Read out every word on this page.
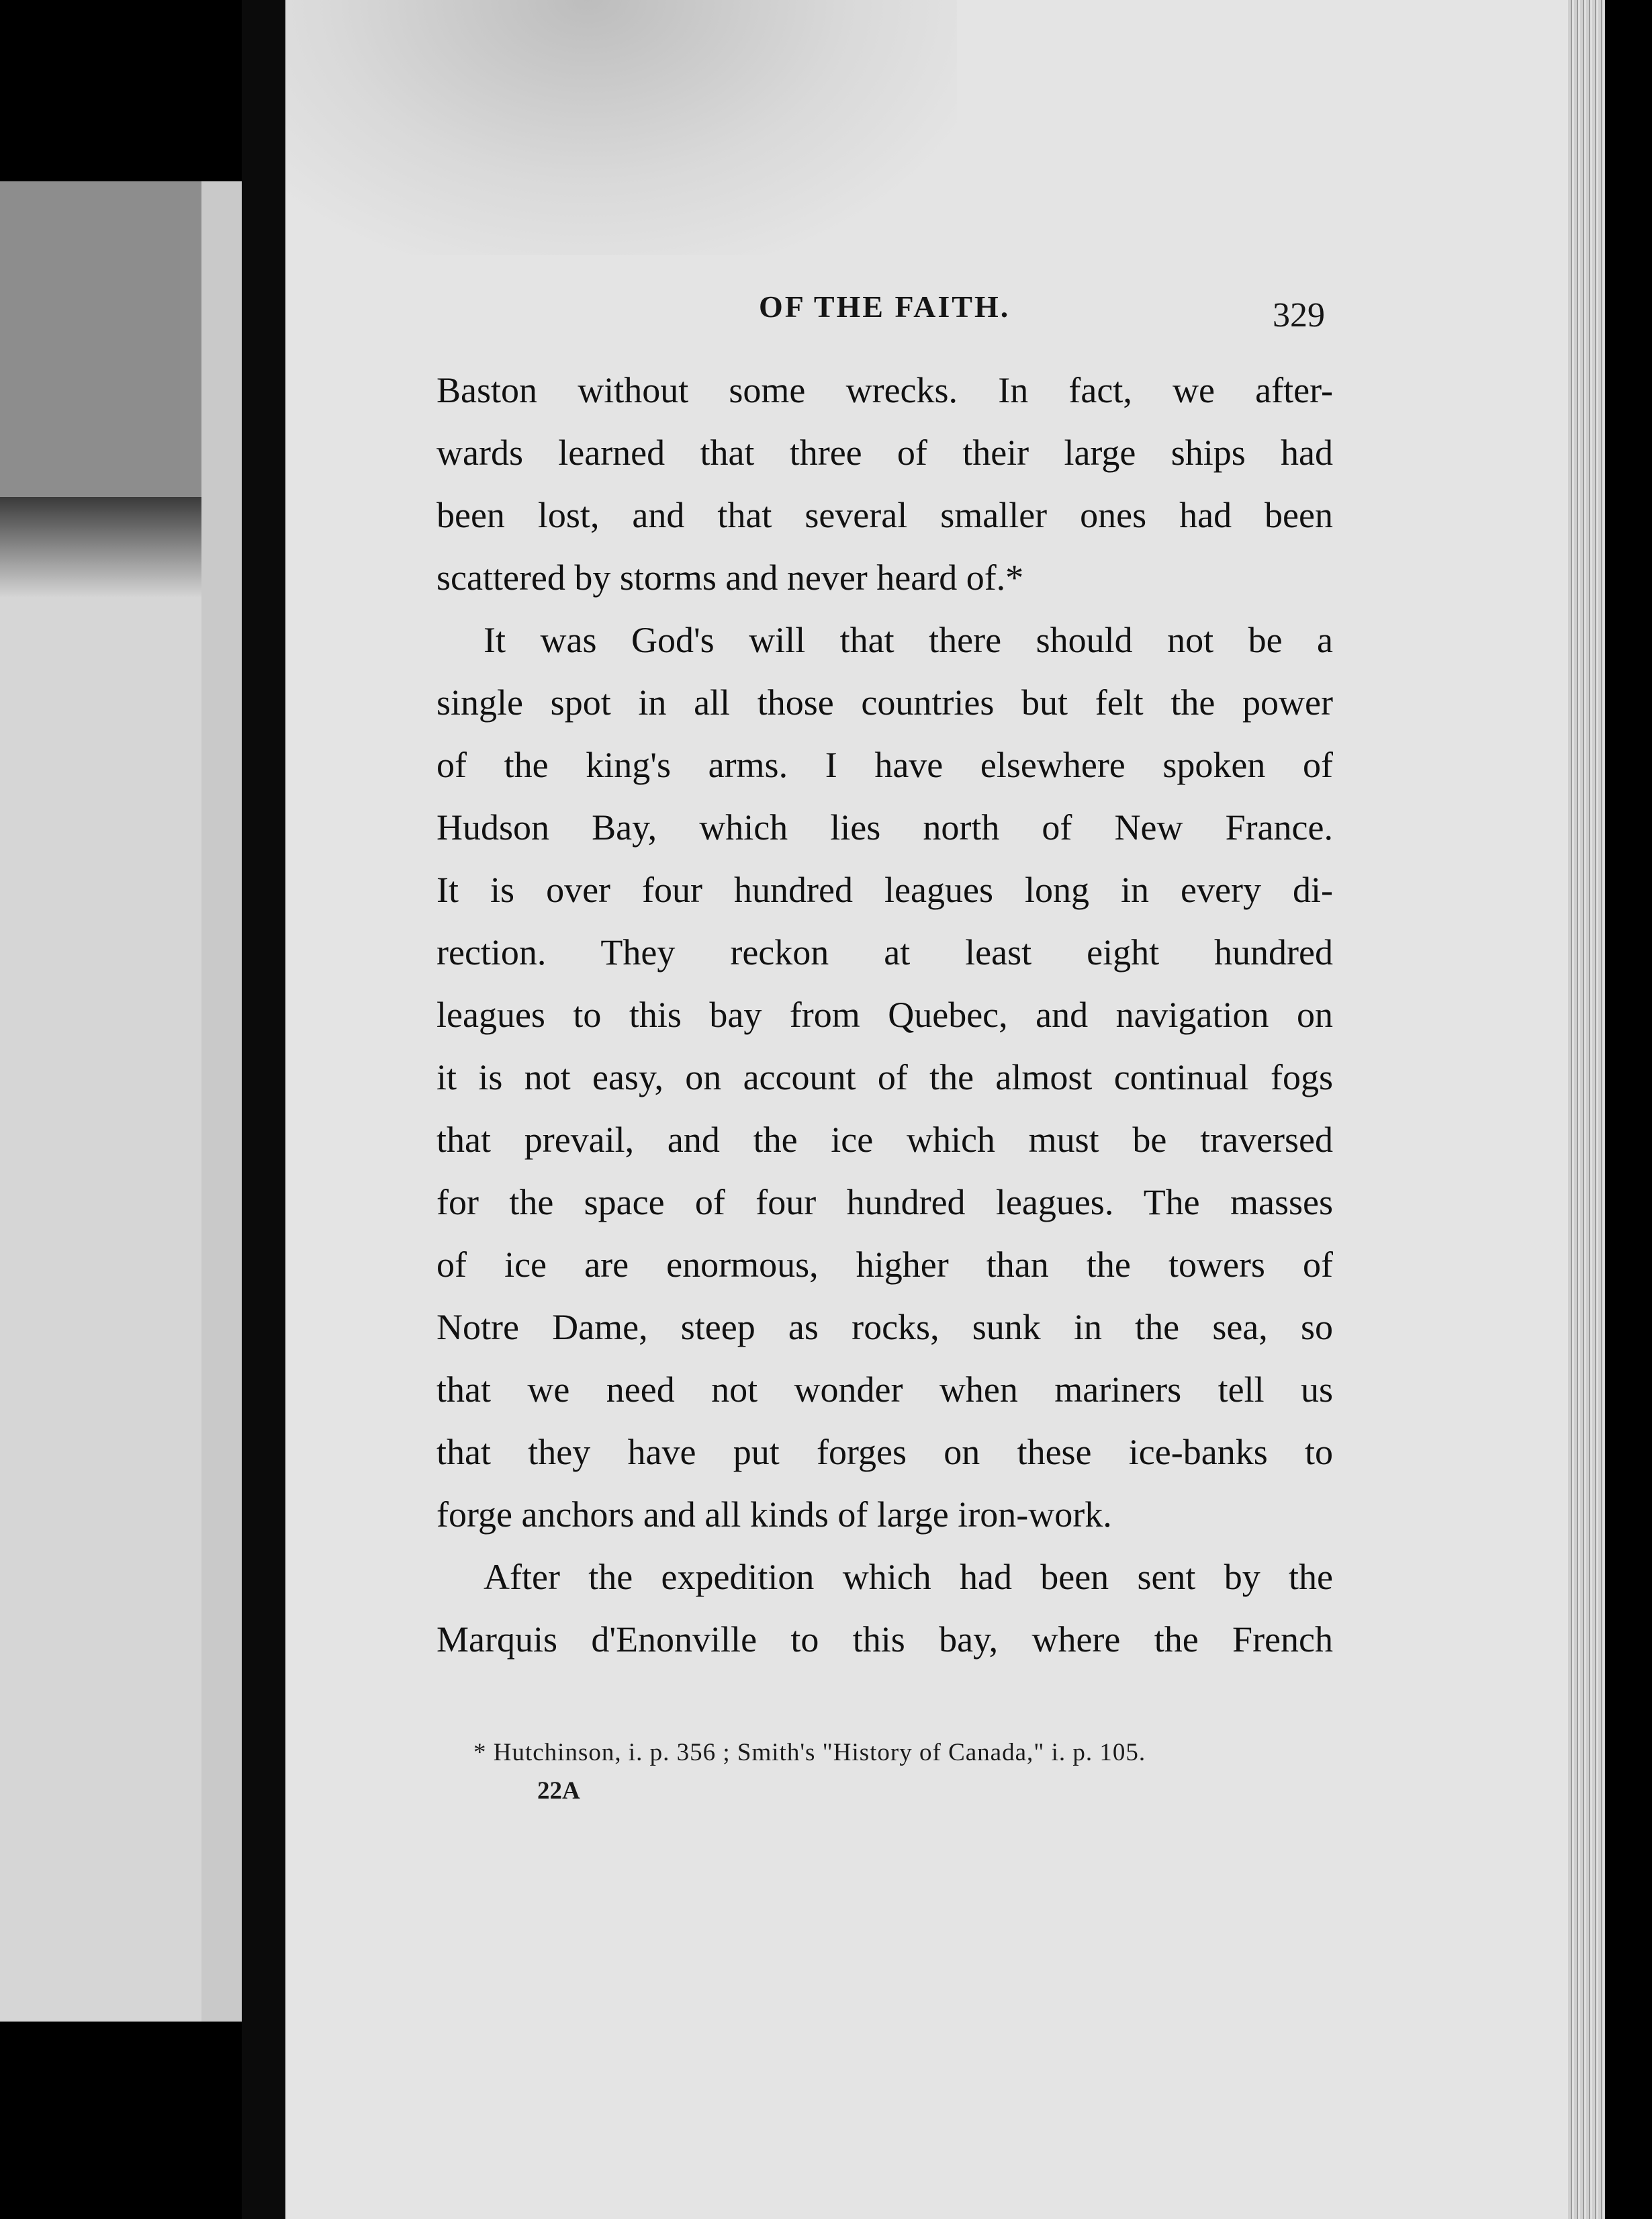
OF THE FAITH.	329
Baston without some wrecks. In fact, we after-
wards learned that three of their large ships had
been lost, and that several smaller ones had been
scattered by storms and never heard of.*
It was God's will that there should not be a
single spot in all those countries but felt the power
of the king's arms. I have elsewhere spoken of
Hudson Bay, which lies north of New France.
It is over four hundred leagues long in every di-
rection. They reckon at least eight hundred
leagues to this bay from Quebec, and navigation on
it is not easy, on account of the almost continual fogs
that prevail, and the ice which must be traversed
for the space of four hundred leagues. The masses
of ice are enormous, higher than the towers of
Notre Dame, steep as rocks, sunk in the sea, so
that we need not wonder when mariners tell us
that they have put forges on these ice-banks to
forge anchors and all kinds of large iron-work.
After the expedition which had been sent by the
Marquis d'Enonville to this bay, where the French
* Hutchinson, i. p. 356 ; Smith's "History of Canada," i. p. 105.
22A
